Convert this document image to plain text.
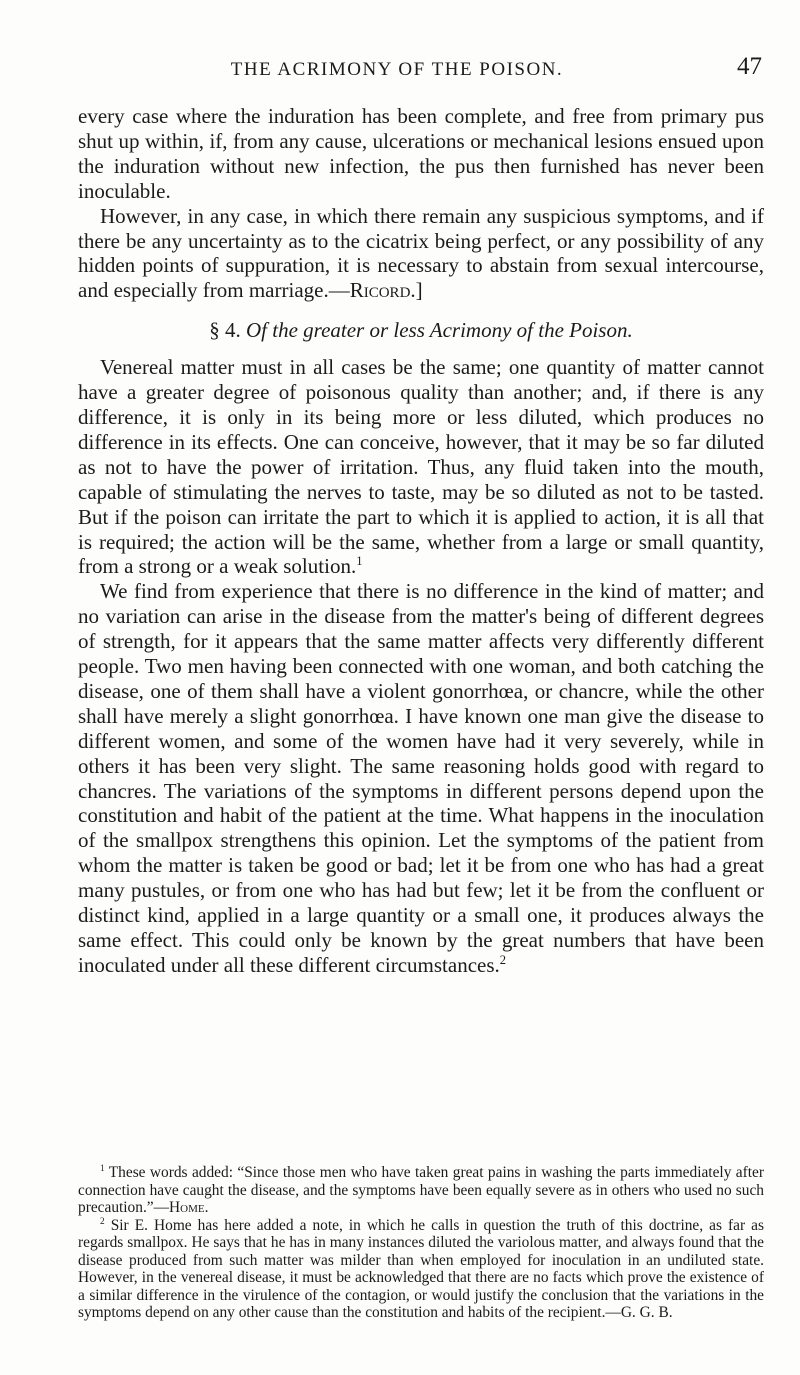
THE ACRIMONY OF THE POISON.	47

every case where the induration has been complete, and free from primary pus shut up within, if, from any cause, ulcerations or mechanical lesions ensued upon the induration without new infection, the pus then furnished has never been inoculable.

However, in any case, in which there remain any suspicious symptoms, and if there be any uncertainty as to the cicatrix being perfect, or any possibility of any hidden points of suppuration, it is necessary to abstain from sexual intercourse, and especially from marriage.—Ricord.]

§ 4. Of the greater or less Acrimony of the Poison.

Venereal matter must in all cases be the same; one quantity of matter cannot have a greater degree of poisonous quality than another; and, if there is any difference, it is only in its being more or less diluted, which produces no difference in its effects. One can conceive, however, that it may be so far diluted as not to have the power of irritation. Thus, any fluid taken into the mouth, capable of stimulating the nerves to taste, may be so diluted as not to be tasted. But if the poison can irritate the part to which it is applied to action, it is all that is required; the action will be the same, whether from a large or small quantity, from a strong or a weak solution.$^1$

We find from experience that there is no difference in the kind of matter; and no variation can arise in the disease from the matter's being of different degrees of strength, for it appears that the same matter affects very differently different people. Two men having been connected with one woman, and both catching the disease, one of them shall have a violent gonorrhœa, or chancre, while the other shall have merely a slight gonorrhœa. I have known one man give the disease to different women, and some of the women have had it very severely, while in others it has been very slight. The same reasoning holds good with regard to chancres. The variations of the symptoms in different persons depend upon the constitution and habit of the patient at the time. What happens in the inoculation of the smallpox strengthens this opinion. Let the symptoms of the patient from whom the matter is taken be good or bad; let it be from one who has had a great many pustules, or from one who has had but few; let it be from the confluent or distinct kind, applied in a large quantity or a small one, it produces always the same effect. This could only be known by the great numbers that have been inoculated under all these different circumstances.$^2$

$^1$ These words added: “Since those men who have taken great pains in washing the parts immediately after connection have caught the disease, and the symptoms have been equally severe as in others who used no such precaution.”—Home.

$^2$ Sir E. Home has here added a note, in which he calls in question the truth of this doctrine, as far as regards smallpox. He says that he has in many instances diluted the variolous matter, and always found that the disease produced from such matter was milder than when employed for inoculation in an undiluted state. However, in the venereal disease, it must be acknowledged that there are no facts which prove the existence of a similar difference in the virulence of the contagion, or would justify the conclusion that the variations in the symptoms depend on any other cause than the constitution and habits of the recipient.—G. G. B.
